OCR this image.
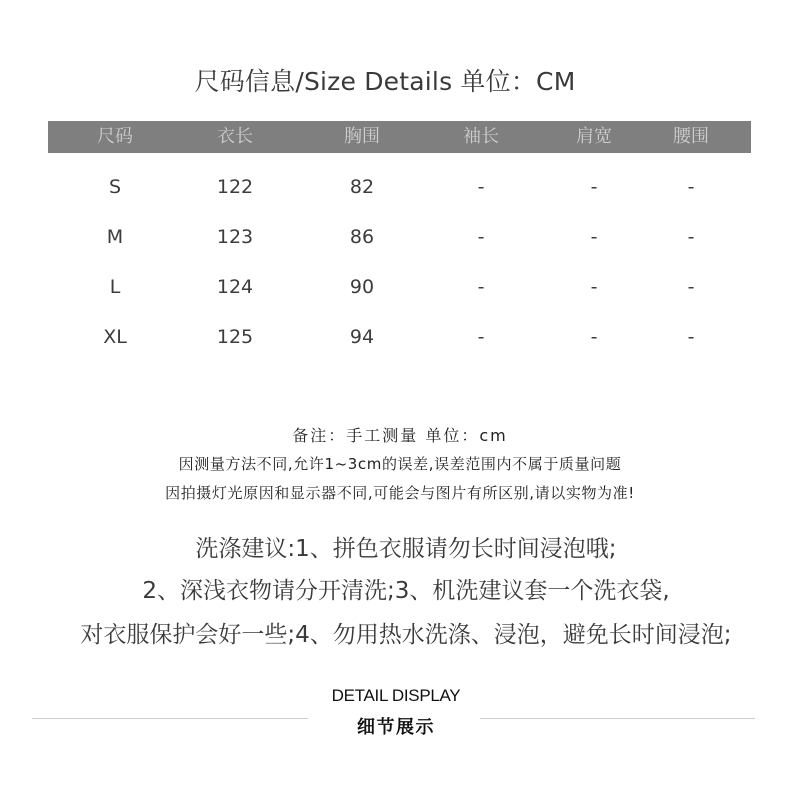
尺码信息/Size Details 单位：CM
尺码	衣长	胸围	袖长	肩宽	腰围
S	122	82	-	-	-
M	123	86	-	-	-
L	124	90	-	-	-
XL	125	94	-	-	-
备注：手工测量 单位：cm
因测量方法不同,允许1~3cm的误差,误差范围内不属于质量问题
因拍摄灯光原因和显示器不同,可能会与图片有所区别,请以实物为准!
洗涤建议:1、拼色衣服请勿长时间浸泡哦;
2、深浅衣物请分开清洗;3、机洗建议套一个洗衣袋,
对衣服保护会好一些;4、勿用热水洗涤、浸泡，避免长时间浸泡;
DETAIL DISPLAY
细节展示
